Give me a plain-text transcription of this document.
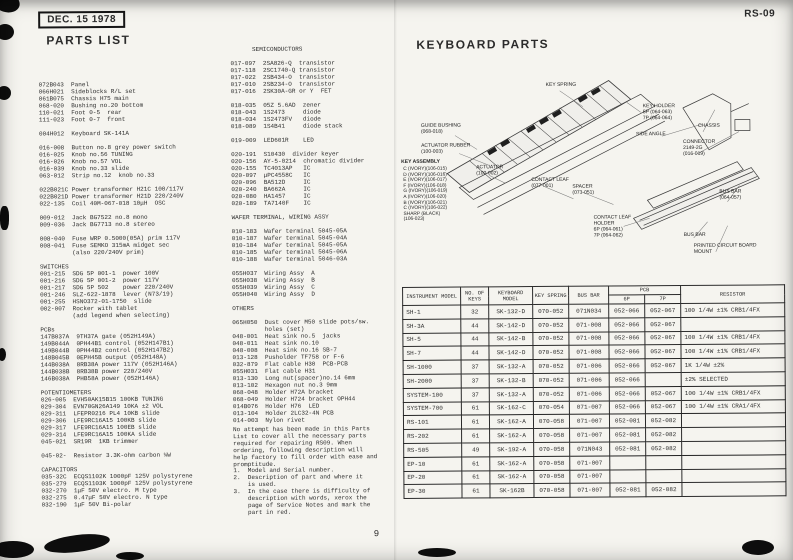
DEC. 15 1978
PARTS LIST
RS-09
KEYBOARD PARTS
072B043  Panel
066H021  Sideblocks R/L set
061B075  Chassis H75 main
068-020  Bushing no.20 bottom
110-021  Foot 0-5  rear
111-023  Foot 0-7  front

004H012  Keyboard SK-141A

016-008  Button no.8 grey power switch
016-025  Knob no.56 TUNING
016-026  Knob no.57 VOL
016-039  Knob no.33 slide
063-012  Strip no.12  knob no.33

022B021C Power transformer H21C 100/117V
022B021D Power transformer H21D 220/240V
022-135  Coil 40M-067-018 10μH  OSC

009-012  Jack BG7522 no.8 mono
009-036  Jack BG7713 no.8 stereo

008-040  Fuse WRP 0.5000(05A) prim 117V
008-041  Fuse SEMKO 315mA midget sec
(also 220/240V prim)

SWITCHES
001-215  SDG 5P 001-1  power 100V
001-216  SDG 5P 001-2  power 117V
001-217  SDG 5P 502    power 220/240V
001-246  SLZ-622-1878  lever (N73/19)
001-255  HSNO372-01-1750  slide
002-007  Rocker with tablet
(add legend when selecting)

PCBs
147B037A  9TH37A gate (052H149A)
149B044A  0PH44B1 control (052H147B1)
149B044B  0PH44B2 control (052H147B2)
148B045B  0EPH45B output (052H148A)
144B038A  8RB38A power 117V (052H146A)
144B038B  8RB38B power 220/240V
146B038A  PHB58A power (052H146A)

POTENTIOMETERS
026-005  EVH50AK15B15 100KB TUNING
029-304  EVN70GN26A149 10KA ±2 VOL
029-311  LFEPR0216 PL4 10KB slide
029-306  LFE9RC16A15 100KB slide
029-317  LFE9RC16A15 100EB slide
029-314  LFE9RC16A15 100KA slide
045-021  SR19R  1KB trimmer

045-02-  Resistor 3.3K-ohm carbon ¼W

CAPACITORS
035-32C  ECQS1102K 1000pF 125V polystyrene
035-279  ECQS1103K 1000pF 125V polystyrene
032-270  1μF 50V electro. M type
032-275  0.47μF 50V electro. N type
032-190  1μF 50V Bi-polar
SEMICONDUCTORS

017-097  2SA826-Q  transistor
017-118  2SC1740-Q transistor
017-022  2SB434-O  transistor
017-010  2SB234-O  transistor
017-016  2SK30A-GR or Y  FET

018-035  05Z 5.6AD  zener
018-043  1S2473     diode
018-034  1S2473FV   diode
018-089  1S4B41     diode stack

019-009  LED601R    LED

020-191  S10430  divider keyer
020-156  AY-5-0214  chromatic divider
020-155  TC4013AP   IC
020-097  μPC4558C   IC
020-096  BA512D     IC
020-240  BA662A     IC
020-080  HA1457     IC
020-189  TA7140F    IC

WAFER TERMINAL, WIRING ASSY

010-183  Wafer terminal 5045-05A
010-187  Wafer terminal 5045-04A
010-184  Wafer terminal 5045-05A
010-185  Wafer terminal 5045-06A
010-188  Wafer terminal 5046-03A

055H037  Wiring Assy  A
055H038  Wiring Assy  B
055H039  Wiring Assy  C
055H040  Wiring Assy  D

OTHERS

065H050  Dust cover M50 slide pots/sw.
holes (set)
048-001  Heat sink no.5  jacks
048-011  Heat sink no.10
048-008  Heat sink no.16 SB-7
013-128  Pusholder TF758 or F-6
032-879  Flat cable H30  PCB-PCB
055H031  Flat cable H31
013-130  Long nut(spacer)no.14 6mm
013-102  Hexagon nut no.3 9mm
068-048  Holder H72A bracket
068-049  Holder H724 bracket OPH44
014B076  Holder H76  LED
013-104  Holder 2LC32-4N PCB
014-003  Nylon rivet
No attempt has been made in this Parts
List to cover all the necessary parts
required for repairing RS09. When
ordering, following description will
help factory to fill order with ease and
promptitude.
1.  Model and Serial number.
2.  Description of part and where it
is used.
3.  In the case there is difficulty of
description with words, xerox the
page of Service Notes and mark the
part in red.
KEY SPRING
KEY HOLDER
5P (064-063)
7P (064-064)
GUIDE BUSHING
(068-018)	SIDE ANGLE
CHASSIS
ACTUATOR RUBBER
(100-003)
CONNECTOR
2149-2G
(016-019)
KEY ASSEMBLY
C (IVORY)(106-015)
D (IVORY)(106-016)
E (IVORY)(106-017)
F (IVORY)(106-018)
G (IVORY)(106-019)
A (IVORY)(106-020)
B (IVORY)(106-021)
C (IVORY)(106-022)
SHARP (BLACK)
(106-023)
ACTUATOR
(100-002)
CONTACT LEAF
(077-001)	SPACER
(073-051)	BUS BAR
(064-057)
CONTACT LEAF
HOLDER
6P (064-061)
7P (064-062)	BUS BAR
PRINTED CIRCUIT BOARD
MOUNT
INSTRUMENT MODEL	NO. OF KEYS	KEYBOARD MODEL	KEY SPRING	BUS BAR	PCB		RESISTOR
					6P	7P	
SH-1	32	SK-132-D	070-052	071N034	052-066	052-067	100 1/4W ±1% CRB1/4FX
SH-3A	44	SK-142-D	070-052	071-008	052-066	052-067	
SH-5	44	SK-142-B	070-052	071-008	052-066	052-067	100 1/4W ±1% CRB1/4FX
SH-7	44	SK-142-D	070-052	071-008	052-066	052-067	100 1/4W ±1% CRB1/4FX
SH-1000	37	SK-132-A	070-052	071-006	052-066	052-067	1K 1/4W ±2%
SH-2000	37	SK-132-B	070-052	071-006	052-066		±2% SELECTED
SYSTEM-100	37	SK-132-A	070-052	071-006	052-066	052-067	100 1/4W ±1% CRB1/4FX
SYSTEM-700	61	SK-162-C	070-054	071-007	052-066	052-067	100 1/4W ±1% CRA1/4FX
RS-101	61	SK-162-A	070-058	071-007	052-081	052-082	
RS-202	61	SK-162-A	070-058	071-007	052-081	052-082	
RS-505	49	SK-192-A	070-058	071N043	052-081	052-082	
EP-10	61	SK-162-A	070-058	071-007			
EP-20	61	SK-162-A	070-058	071-007			
EP-30	61	SK-162B	070-058	071-007	052-081	052-082	
9
